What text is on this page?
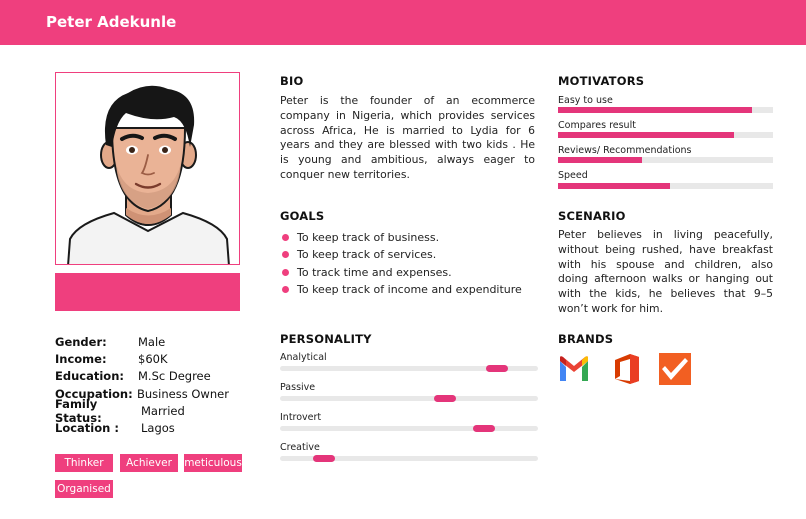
Peter Adekunle
Gender:	Male
Income:	$60K
Education:	M.Sc Degree
Occupation: Business Owner
Family Status:
Married
Location :	Lagos
Thinker	Achiever	meticulous
Organised
BIO
Peter is the founder of an ecommerce company in Nigeria, which provides services across Africa, He is married to Lydia for 6 years and they are blessed with two kids . He is young and ambitious, always eager to conquer new territories.
GOALS
To keep track of business.
To keep track of services.
To track time and expenses.
To keep track of income and expenditure
PERSONALITY
Analytical
Passive
Introvert
Creative
MOTIVATORS
Easy to use
Compares result
Reviews/ Recommendations
Speed
SCENARIO
Peter believes in living peacefully, without being rushed, have breakfast with his spouse and children, also doing afternoon walks or hanging out with the kids, he believes that 9–5 won’t work for him.
BRANDS
